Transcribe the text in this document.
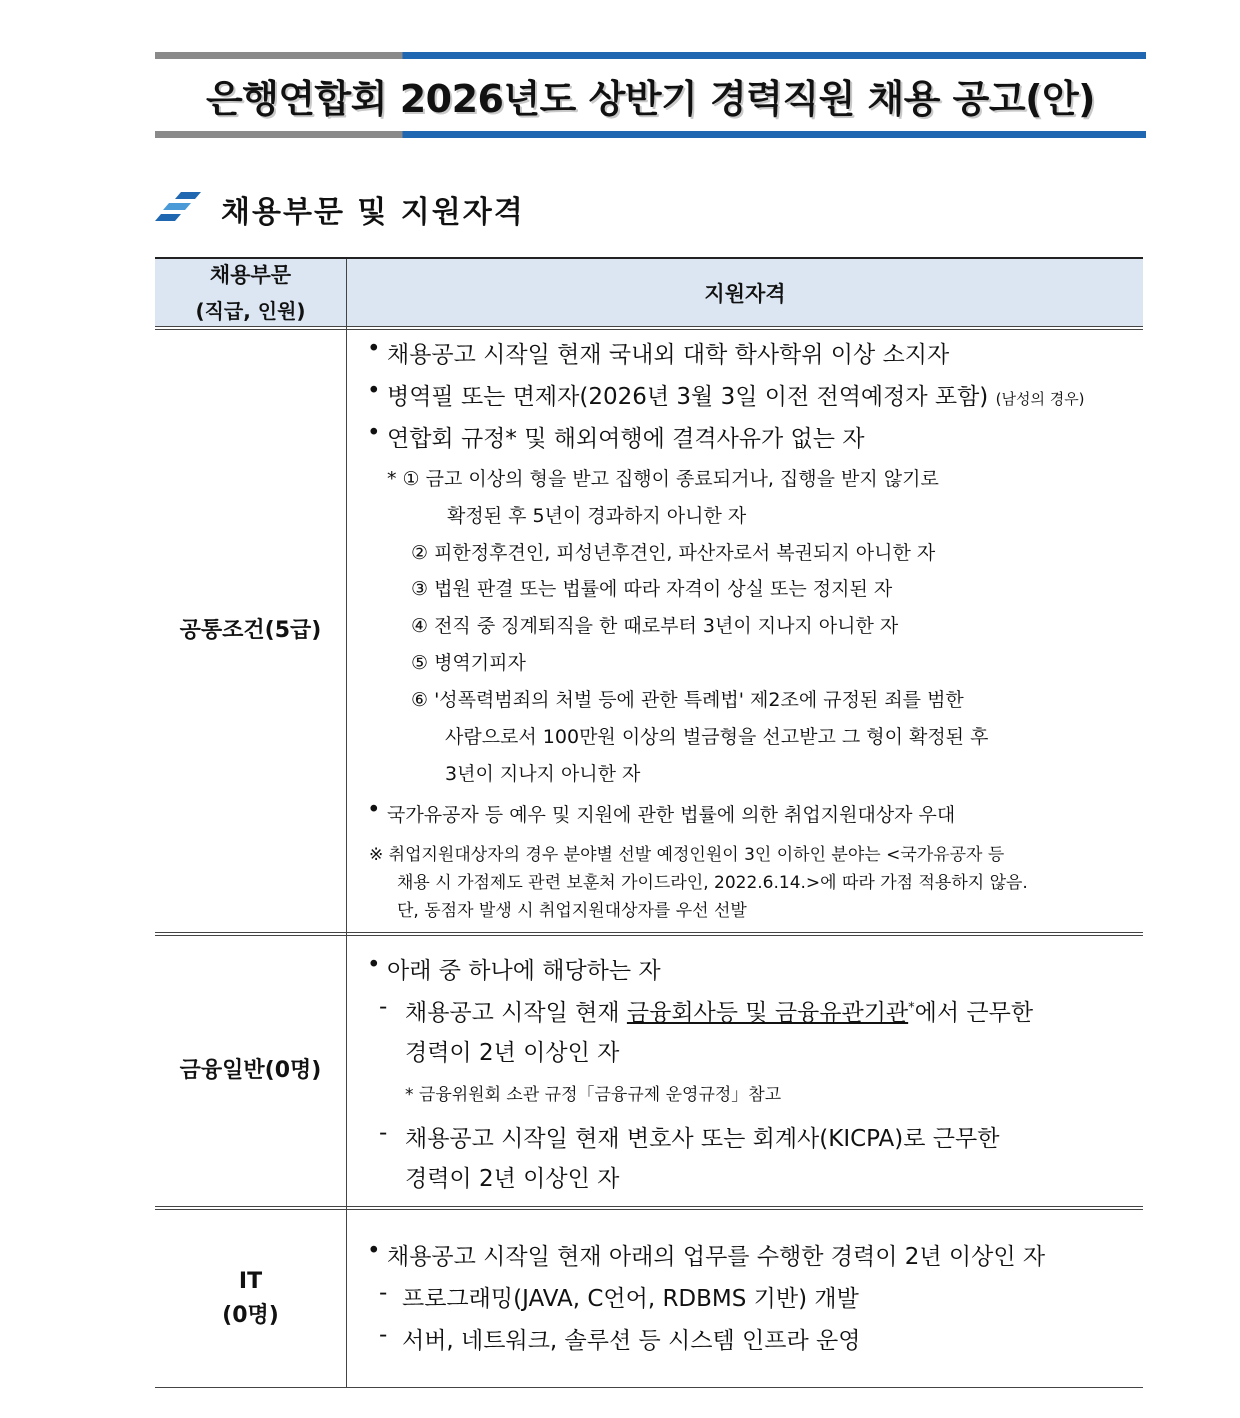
은행연합회 2026년도 상반기 경력직원 채용 공고(안)
채용부문 및 지원자격
채용부문
(직급, 인원)
지원자격
공통조건(5급)
• 채용공고 시작일 현재 국내외 대학 학사학위 이상 소지자
• 병역필 또는 면제자(2026년 3월 3일 이전 전역예정자 포함) (남성의 경우)
• 연합회 규정* 및 해외여행에 결격사유가 없는 자
* ① 금고 이상의 형을 받고 집행이 종료되거나, 집행을 받지 않기로
확정된 후 5년이 경과하지 아니한 자
② 피한정후견인, 피성년후견인, 파산자로서 복권되지 아니한 자
③ 법원 판결 또는 법률에 따라 자격이 상실 또는 정지된 자
④ 전직 중 징계퇴직을 한 때로부터 3년이 지나지 아니한 자
⑤ 병역기피자
⑥ '성폭력범죄의 처벌 등에 관한 특례법' 제2조에 규정된 죄를 범한
사람으로서 100만원 이상의 벌금형을 선고받고 그 형이 확정된 후
3년이 지나지 아니한 자
• 국가유공자 등 예우 및 지원에 관한 법률에 의한 취업지원대상자 우대
※ 취업지원대상자의 경우 분야별 선발 예정인원이 3인 이하인 분야는 <국가유공자 등
채용 시 가점제도 관련 보훈처 가이드라인, 2022.6.14.>에 따라 가점 적용하지 않음.
단, 동점자 발생 시 취업지원대상자를 우선 선발
금융일반(0명)
• 아래 중 하나에 해당하는 자
- 채용공고 시작일 현재 금융회사등 및 금융유관기관*에서 근무한
경력이 2년 이상인 자
* 금융위원회 소관 규정「금융규제 운영규정」참고
- 채용공고 시작일 현재 변호사 또는 회계사(KICPA)로 근무한
경력이 2년 이상인 자
IT
(0명)
• 채용공고 시작일 현재 아래의 업무를 수행한 경력이 2년 이상인 자
- 프로그래밍(JAVA, C언어, RDBMS 기반) 개발
- 서버, 네트워크, 솔루션 등 시스템 인프라 운영
